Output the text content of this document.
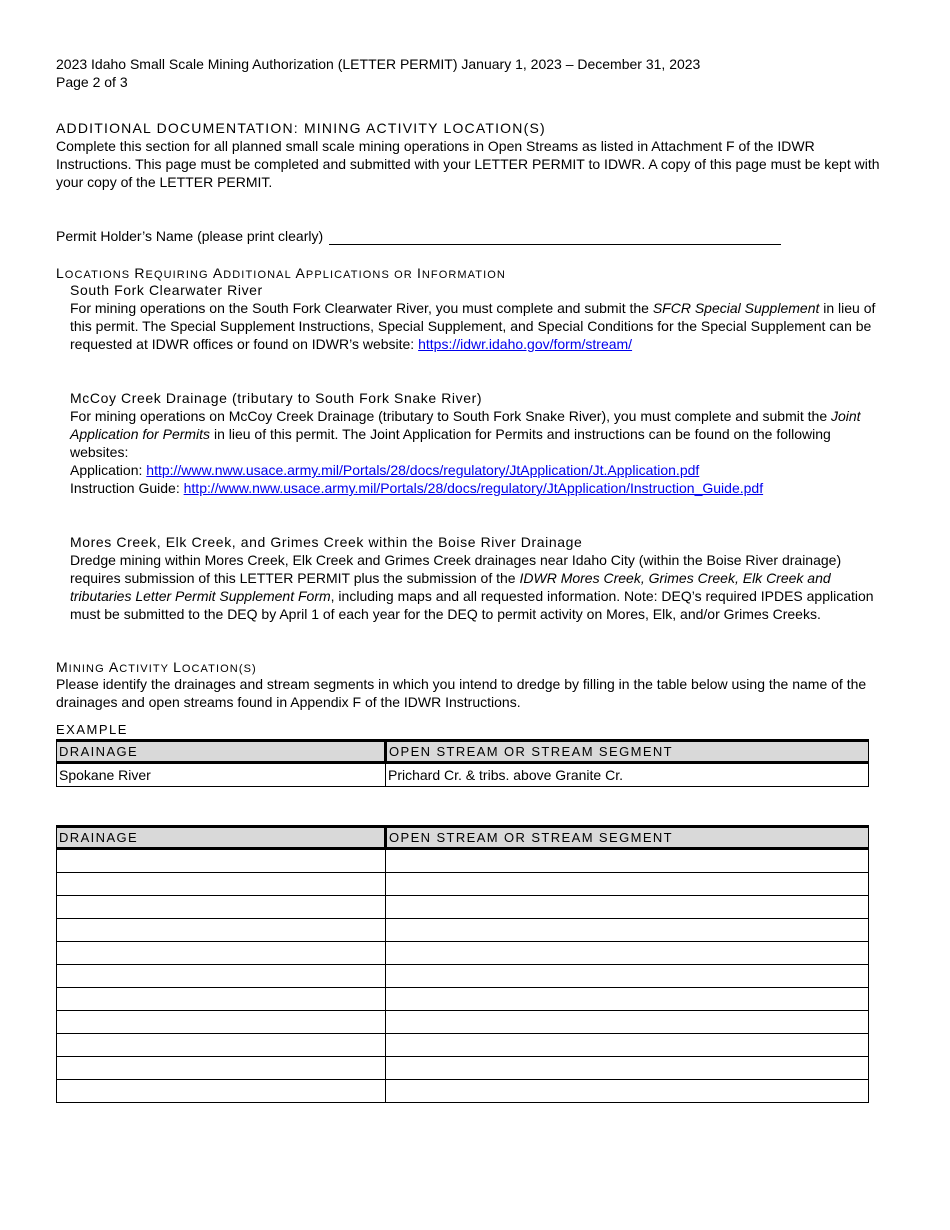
2023 Idaho Small Scale Mining Authorization (LETTER PERMIT) January 1, 2023 – December 31, 2023
Page 2 of 3
ADDITIONAL DOCUMENTATION: MINING ACTIVITY LOCATION(S)

Complete this section for all planned small scale mining operations in Open Streams as listed in Attachment F of the IDWR Instructions. This page must be completed and submitted with your LETTER PERMIT to IDWR. A copy of this page must be kept with your copy of the LETTER PERMIT.

Permit Holder’s Name (please print clearly)
LOCATIONS REQUIRING ADDITIONAL APPLICATIONS OR INFORMATION
South Fork Clearwater River

For mining operations on the South Fork Clearwater River, you must complete and submit the SFCR Special Supplement in lieu of this permit. The Special Supplement Instructions, Special Supplement, and Special Conditions for the Special Supplement can be requested at IDWR offices or found on IDWR’s website: https://idwr.idaho.gov/form/stream/

McCoy Creek Drainage (tributary to South Fork Snake River)

For mining operations on McCoy Creek Drainage (tributary to South Fork Snake River), you must complete and submit the Joint Application for Permits in lieu of this permit. The Joint Application for Permits and instructions can be found on the following websites:

Application: http://www.nww.usace.army.mil/Portals/28/docs/regulatory/JtApplication/Jt.Application.pdf

Instruction Guide: http://www.nww.usace.army.mil/Portals/28/docs/regulatory/JtApplication/Instruction_Guide.pdf

Mores Creek, Elk Creek, and Grimes Creek within the Boise River Drainage

Dredge mining within Mores Creek, Elk Creek and Grimes Creek drainages near Idaho City (within the Boise River drainage) requires submission of this LETTER PERMIT plus the submission of the IDWR Mores Creek, Grimes Creek, Elk Creek and tributaries Letter Permit Supplement Form, including maps and all requested information. Note: DEQ’s required IPDES application must be submitted to the DEQ by April 1 of each year for the DEQ to permit activity on Mores, Elk, and/or Grimes Creeks.

MINING ACTIVITY LOCATION(S)

Please identify the drainages and stream segments in which you intend to dredge by filling in the table below using the name of the drainages and open streams found in Appendix F of the IDWR Instructions.

EXAMPLE
DRAINAGE	OPEN STREAM OR STREAM SEGMENT
Spokane River	Prichard Cr. & tribs. above Granite Cr.
DRAINAGE	OPEN STREAM OR STREAM SEGMENT
